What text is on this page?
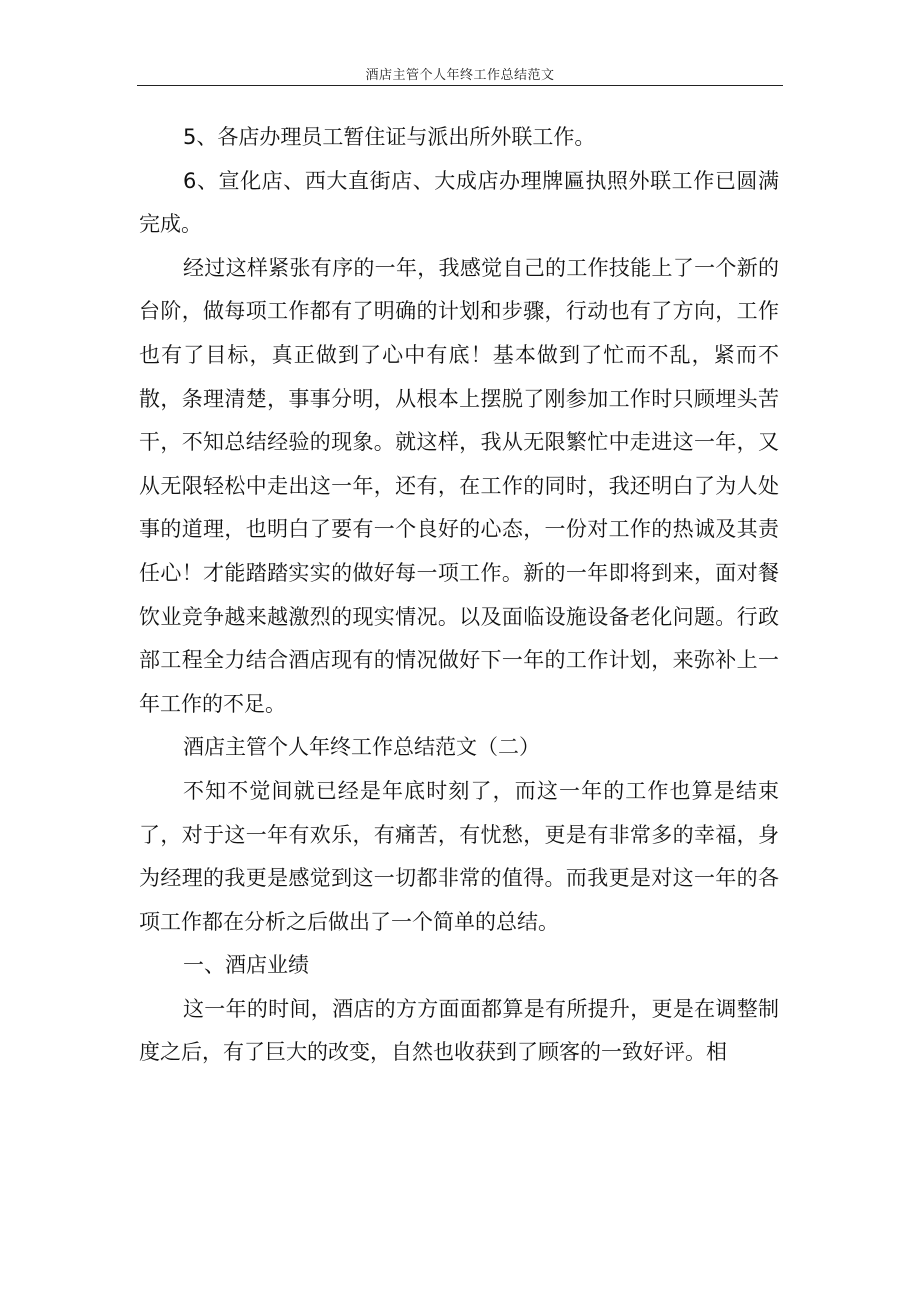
酒店主管个人年终工作总结范文

5、各店办理员工暂住证与派出所外联工作。

6、宣化店、西大直街店、大成店办理牌匾执照外联工作已圆满完成。

经过这样紧张有序的一年，我感觉自己的工作技能上了一个新的台阶，做每项工作都有了明确的计划和步骤，行动也有了方向，工作也有了目标，真正做到了心中有底！基本做到了忙而不乱，紧而不散，条理清楚，事事分明，从根本上摆脱了刚参加工作时只顾埋头苦干，不知总结经验的现象。就这样，我从无限繁忙中走进这一年，又从无限轻松中走出这一年，还有，在工作的同时，我还明白了为人处事的道理，也明白了要有一个良好的心态，一份对工作的热诚及其责任心！才能踏踏实实的做好每一项工作。新的一年即将到来，面对餐饮业竞争越来越激烈的现实情况。以及面临设施设备老化问题。行政部工程全力结合酒店现有的情况做好下一年的工作计划，来弥补上一年工作的不足。

酒店主管个人年终工作总结范文（二）

不知不觉间就已经是年底时刻了，而这一年的工作也算是结束了，对于这一年有欢乐，有痛苦，有忧愁，更是有非常多的幸福，身为经理的我更是感觉到这一切都非常的值得。而我更是对这一年的各项工作都在分析之后做出了一个简单的总结。

一、酒店业绩

这一年的时间，酒店的方方面面都算是有所提升，更是在调整制度之后，有了巨大的改变，自然也收获到了顾客的一致好评。相
